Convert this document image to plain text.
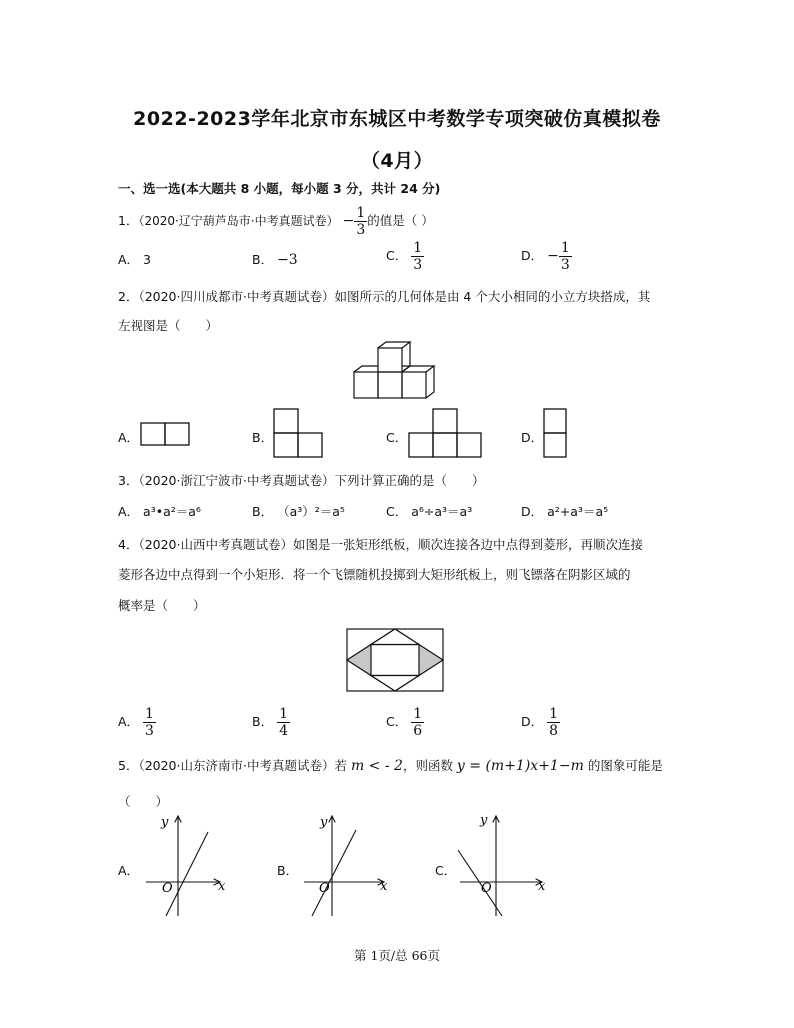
2022-2023学年北京市东城区中考数学专项突破仿真模拟卷
（4月）
一、选一选(本大题共 8 小题，每小题 3 分，共计 24 分)
1．（2020·辽宁葫芦岛市·中考真题试卷） − $\frac{1}{3}$ 的值是（ ）
A． 3	B． −3	C． $\frac{1}{3}$	D． − $\frac{1}{3}$
2．（2020·四川成都市·中考真题试卷）如图所示的几何体是由 4 个大小相同的小立方块搭成，其
左视图是（　　）
A．	B．	C．	D．
3．（2020·浙江宁波市·中考真题试卷）下列计算正确的是（　　）
A． a³•a²＝a⁶	B． （a³）²＝a⁵	C． a⁶÷a³＝a³	D． a²+a³＝a⁵
4．（2020·山西中考真题试卷）如图是一张矩形纸板，顺次连接各边中点得到菱形，再顺次连接
菱形各边中点得到一个小矩形．将一个飞镖随机投掷到大矩形纸板上，则飞镖落在阴影区域的
概率是（　　）
A． $\frac{1}{3}$	B． $\frac{1}{4}$	C． $\frac{1}{6}$	D． $\frac{1}{8}$
5．（2020·山东济南市·中考真题试卷）若 m < - 2，则函数 y = (m+1)x+1−m 的图象可能是
（　　）
A．
y
x
O
B．
y
x
O
C．
y
x
O
第 1页/总 66页
